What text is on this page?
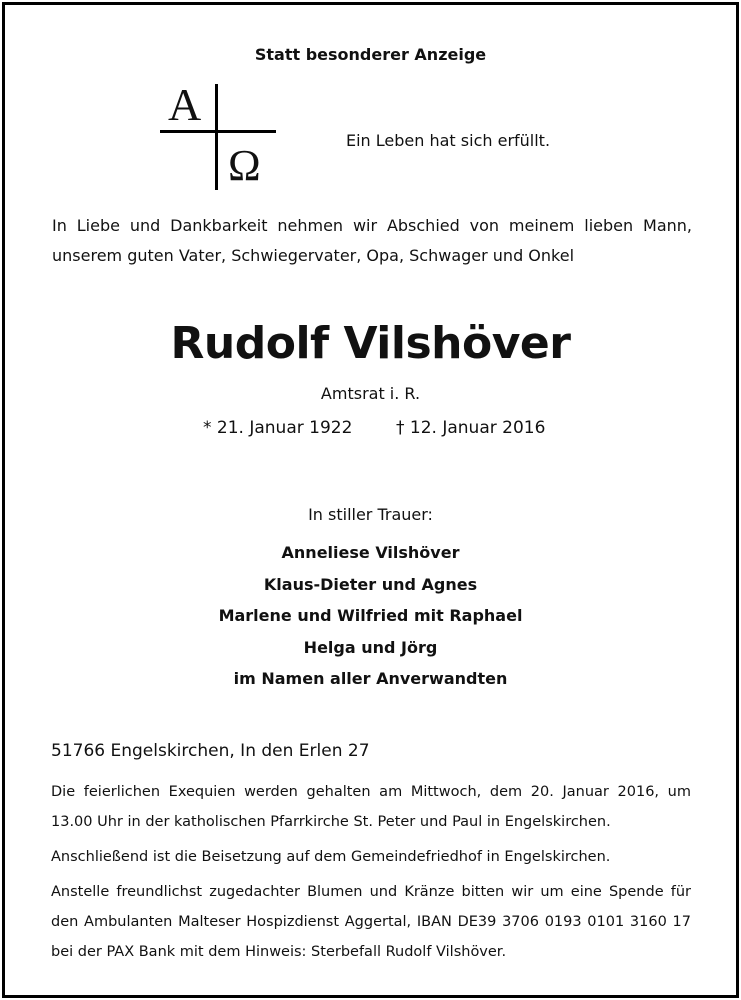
Statt besonderer Anzeige
A
Ω
Ein Leben hat sich erfüllt.

In Liebe und Dankbarkeit nehmen wir Abschied von meinem lieben Mann,

unserem guten Vater, Schwiegervater, Opa, Schwager und Onkel

Rudolf Vilshöver
Amtsrat i. R.
* 21. Januar 1922	† 12. Januar 2016
In stiller Trauer:
Anneliese Vilshöver
Klaus-Dieter und Agnes
Marlene und Wilfried mit Raphael
Helga und Jörg
im Namen aller Anverwandten
51766 Engelskirchen, In den Erlen 27

Die feierlichen Exequien werden gehalten am Mittwoch, dem 20. Januar 2016, um 13.00 Uhr in der katholischen Pfarrkirche St. Peter und Paul in Engelskirchen.

Anschließend ist die Beisetzung auf dem Gemeindefriedhof in Engelskirchen.

Anstelle freundlichst zugedachter Blumen und Kränze bitten wir um eine Spende für den Ambulanten Malteser Hospizdienst Aggertal, IBAN DE39 3706 0193 0101 3160 17 bei der PAX Bank mit dem Hinweis: Sterbefall Rudolf Vilshöver.
